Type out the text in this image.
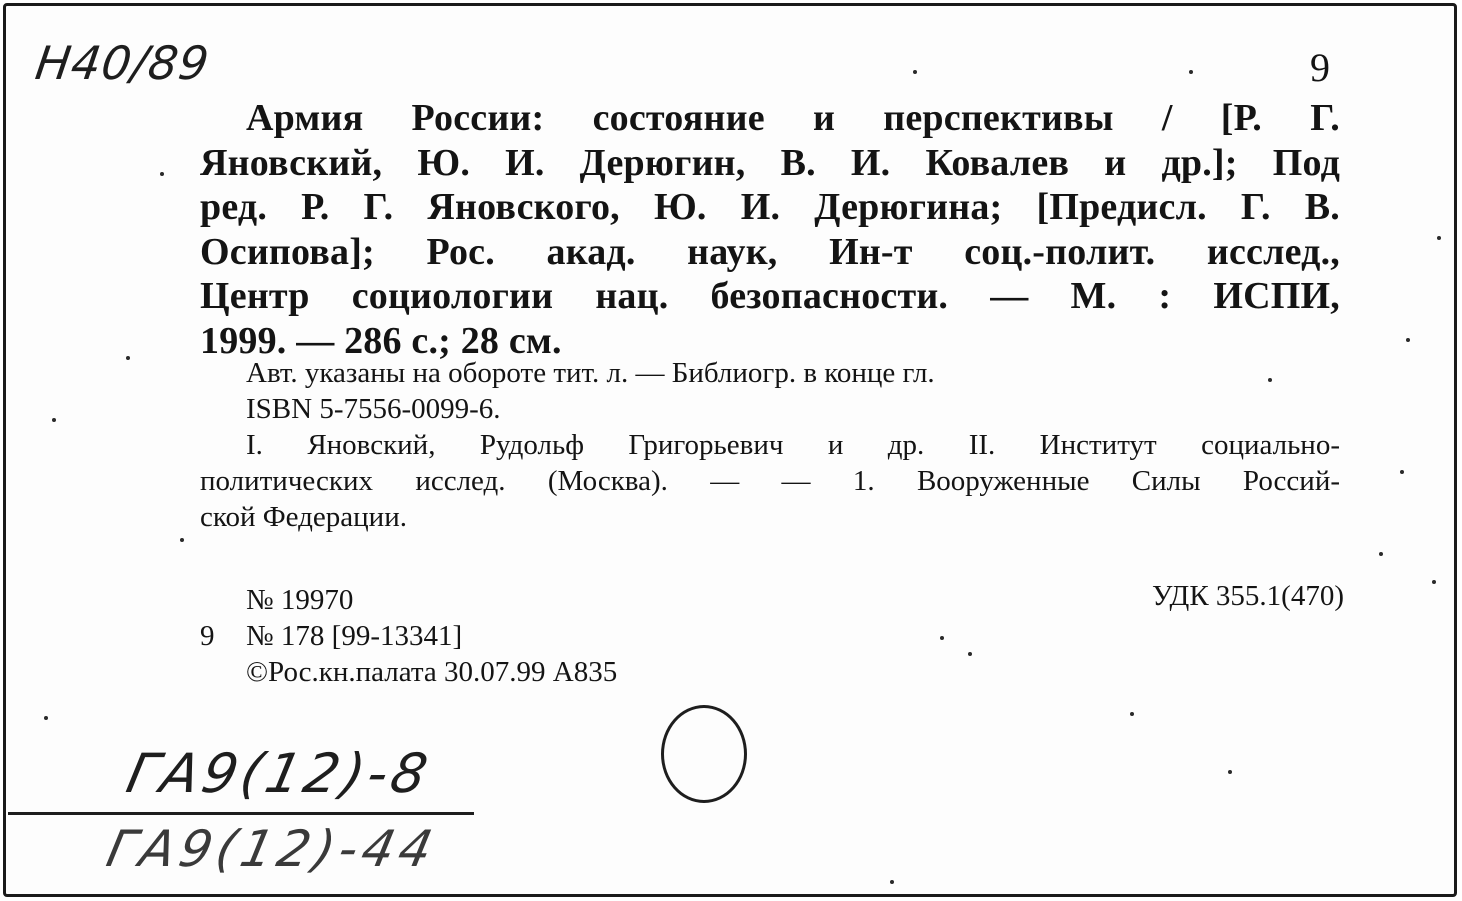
Н40/89	9
Армия России: состояние и перспективы / [Р. Г.
Яновский, Ю. И. Дерюгин, В. И. Ковалев и др.]; Под
ред. Р. Г. Яновского, Ю. И. Дерюгина; [Предисл. Г. В.
Осипова]; Рос. акад. наук, Ин-т соц.-полит. исслед.,
Центр социологии нац. безопасности. — М. : ИСПИ,
1999. — 286 с.; 28 см.
Авт. указаны на обороте тит. л. — Библиогр. в конце гл.
ISBN 5-7556-0099-6.
I. Яновский, Рудольф Григорьевич и др. II. Институт социально-
политических исслед. (Москва). — — 1. Вооруженные Силы Россий-
ской Федерации.
УДК 355.1(470)
№ 19970
9 № 178 [99-13341]
©Рос.кн.палата 30.07.99 А835
ГА9(12)-8
ГА9(12)-44
